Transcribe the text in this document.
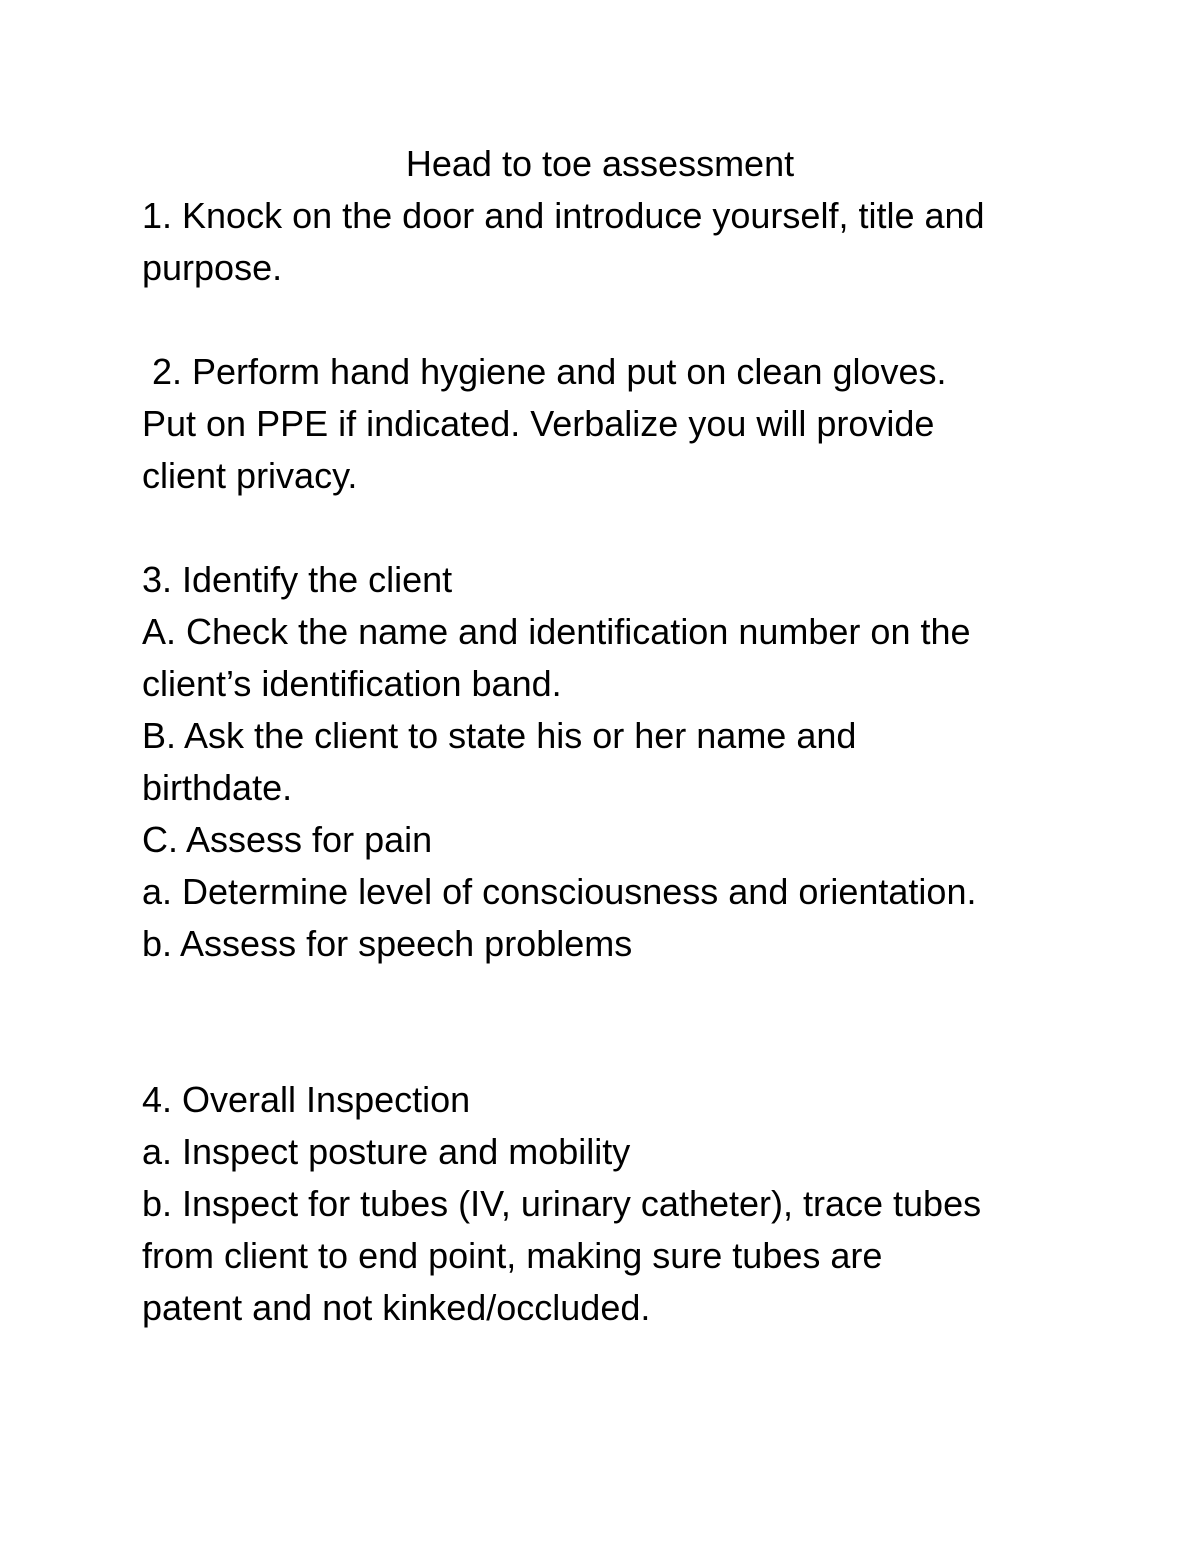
Head to toe assessment
1. Knock on the door and introduce yourself, title and
purpose.
2. Perform hand hygiene and put on clean gloves.
Put on PPE if indicated. Verbalize you will provide
client privacy.
3. Identify the client
A. Check the name and identification number on the
client’s identification band.
B. Ask the client to state his or her name and
birthdate.
C. Assess for pain
a. Determine level of consciousness and orientation.
b. Assess for speech problems
4. Overall Inspection
a. Inspect posture and mobility
b. Inspect for tubes (IV, urinary catheter), trace tubes
from client to end point, making sure tubes are
patent and not kinked/occluded.
